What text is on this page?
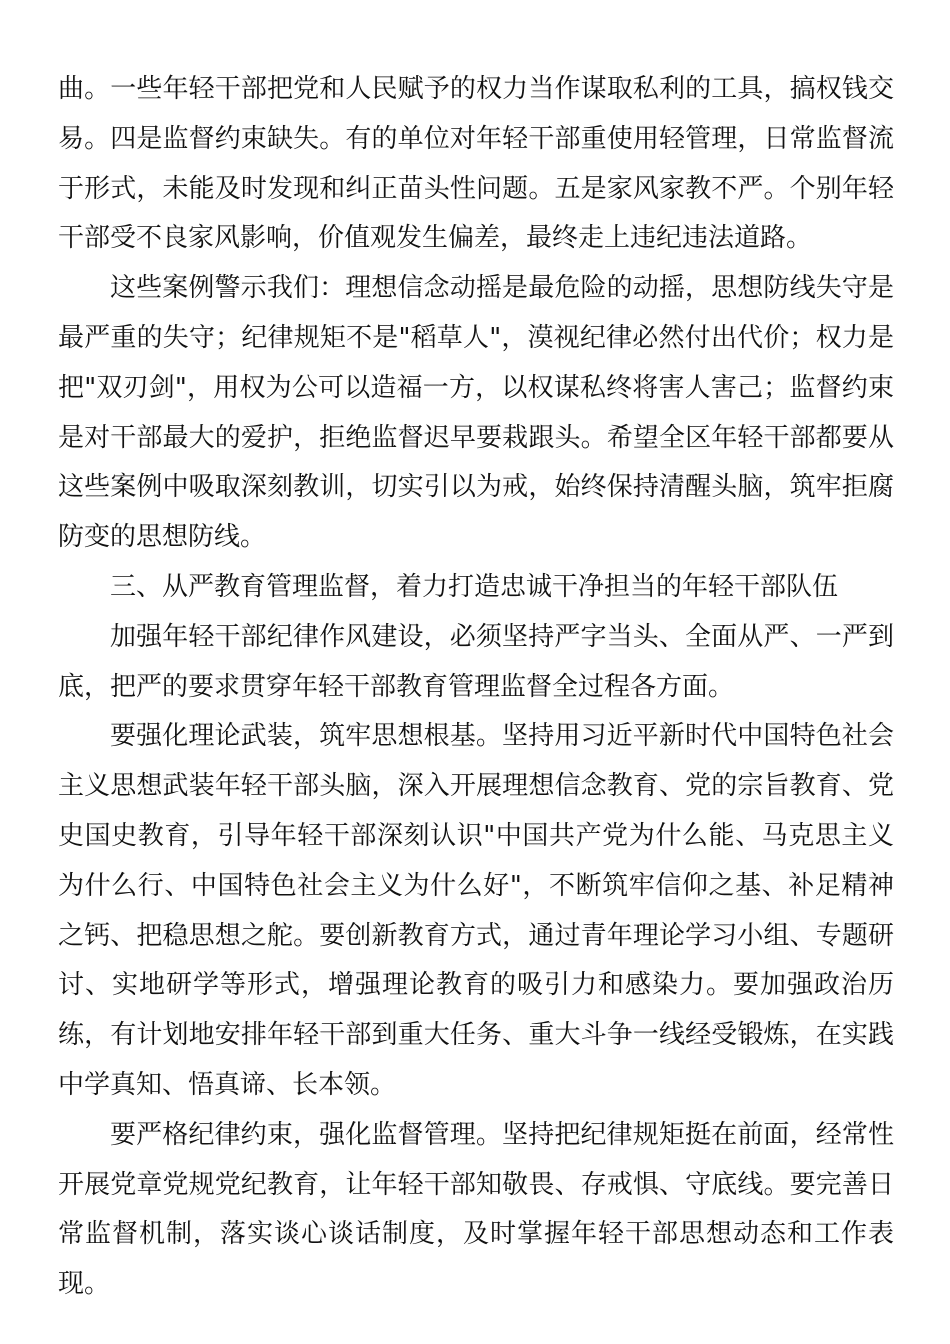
曲。一些年轻干部把党和人民赋予的权力当作谋取私利的工具，搞权钱交易。四是监督约束缺失。有的单位对年轻干部重使用轻管理，日常监督流于形式，未能及时发现和纠正苗头性问题。五是家风家教不严。个别年轻干部受不良家风影响，价值观发生偏差，最终走上违纪违法道路。

这些案例警示我们：理想信念动摇是最危险的动摇，思想防线失守是最严重的失守；纪律规矩不是"稻草人"，漠视纪律必然付出代价；权力是把"双刃剑"，用权为公可以造福一方，以权谋私终将害人害己；监督约束是对干部最大的爱护，拒绝监督迟早要栽跟头。希望全区年轻干部都要从这些案例中吸取深刻教训，切实引以为戒，始终保持清醒头脑，筑牢拒腐防变的思想防线。

三、从严教育管理监督，着力打造忠诚干净担当的年轻干部队伍

加强年轻干部纪律作风建设，必须坚持严字当头、全面从严、一严到底，把严的要求贯穿年轻干部教育管理监督全过程各方面。

要强化理论武装，筑牢思想根基。坚持用习近平新时代中国特色社会主义思想武装年轻干部头脑，深入开展理想信念教育、党的宗旨教育、党史国史教育，引导年轻干部深刻认识"中国共产党为什么能、马克思主义为什么行、中国特色社会主义为什么好"，不断筑牢信仰之基、补足精神之钙、把稳思想之舵。要创新教育方式，通过青年理论学习小组、专题研讨、实地研学等形式，增强理论教育的吸引力和感染力。要加强政治历练，有计划地安排年轻干部到重大任务、重大斗争一线经受锻炼，在实践中学真知、悟真谛、长本领。

要严格纪律约束，强化监督管理。坚持把纪律规矩挺在前面，经常性开展党章党规党纪教育，让年轻干部知敬畏、存戒惧、守底线。要完善日常监督机制，落实谈心谈话制度，及时掌握年轻干部思想动态和工作表现。
